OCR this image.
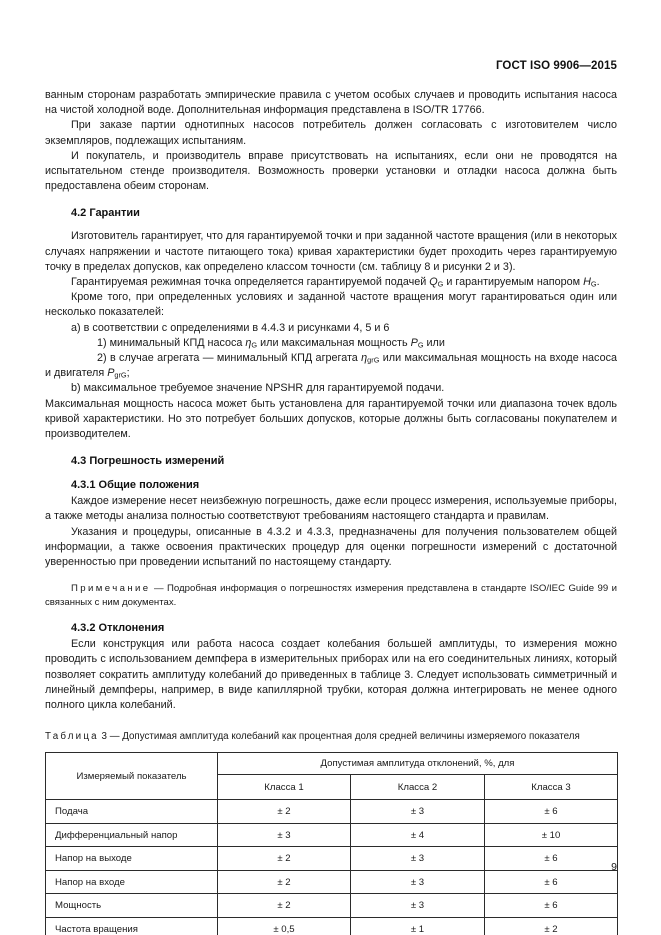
ГОСТ ISO 9906—2015

ванным сторонам разработать эмпирические правила с учетом особых случаев и проводить испытания насоса на чистой холодной воде. Дополнительная информация представлена в ISO/TR 17766.

При заказе партии однотипных насосов потребитель должен согласовать с изготовителем число экземпляров, подлежащих испытаниям.

И покупатель, и производитель вправе присутствовать на испытаниях, если они не проводятся на испытательном стенде производителя. Возможность проверки установки и отладки насоса должна быть предоставлена обеим сторонам.

4.2 Гарантии

Изготовитель гарантирует, что для гарантируемой точки и при заданной частоте вращения (или в некоторых случаях напряжении и частоте питающего тока) кривая характеристики будет проходить через гарантируемую точку в пределах допусков, как определено классом точности (см. таблицу 8 и рисунки 2 и 3).

Гарантируемая режимная точка определяется гарантируемой подачей $Q_G$ и гарантируемым напором $H_G$.

Кроме того, при определенных условиях и заданной частоте вращения могут гарантироваться один или несколько показателей:

a) в соответствии с определениями в 4.4.3 и рисунками 4, 5 и 6

1) минимальный КПД насоса $\eta_G$ или максимальная мощность $P_G$ или

2) в случае агрегата — минимальный КПД агрегата $\eta_{grG}$ или максимальная мощность на входе насоса и двигателя $P_{grG}$;

b) максимальное требуемое значение NPSHR для гарантируемой подачи.

Максимальная мощность насоса может быть установлена для гарантируемой точки или диапазона точек вдоль кривой характеристики. Но это потребует больших допусков, которые должны быть согласованы покупателем и производителем.

4.3 Погрешность измерений
4.3.1 Общие положения

Каждое измерение несет неизбежную погрешность, даже если процесс измерения, используемые приборы, а также методы анализа полностью соответствуют требованиям настоящего стандарта и правилам.

Указания и процедуры, описанные в 4.3.2 и 4.3.3, предназначены для получения пользователем общей информации, а также освоения практических процедур для оценки погрешности измерений с достаточной уверенностью при проведении испытаний по настоящему стандарту.

Примечание — Подробная информация о погрешностях измерения представлена в стандарте ISO/IEC Guide 99 и связанных с ним документах.

4.3.2 Отклонения

Если конструкция или работа насоса создает колебания большей амплитуды, то измерения можно проводить с использованием демпфера в измерительных приборах или на его соединительных линиях, который позволяет сократить амплитуду колебаний до приведенных в таблице 3. Следует использовать симметричный и линейный демпферы, например, в виде капиллярной трубки, которая должна интегрировать не менее одного полного цикла колебаний.

Таблица 3 — Допустимая амплитуда колебаний как процентная доля средней величины измеряемого показателя
Измеряемый показатель	Допустимая амплитуда отклонений, %, для		
	Класса 1	Класса 2	Класса 3
Подача	± 2	± 3	± 6
Дифференциальный напор	± 3	± 4	± 10
Напор на выходе	± 2	± 3	± 6
Напор на входе	± 2	± 3	± 6
Мощность	± 2	± 3	± 6
Частота вращения	± 0,5	± 1	± 2
9
